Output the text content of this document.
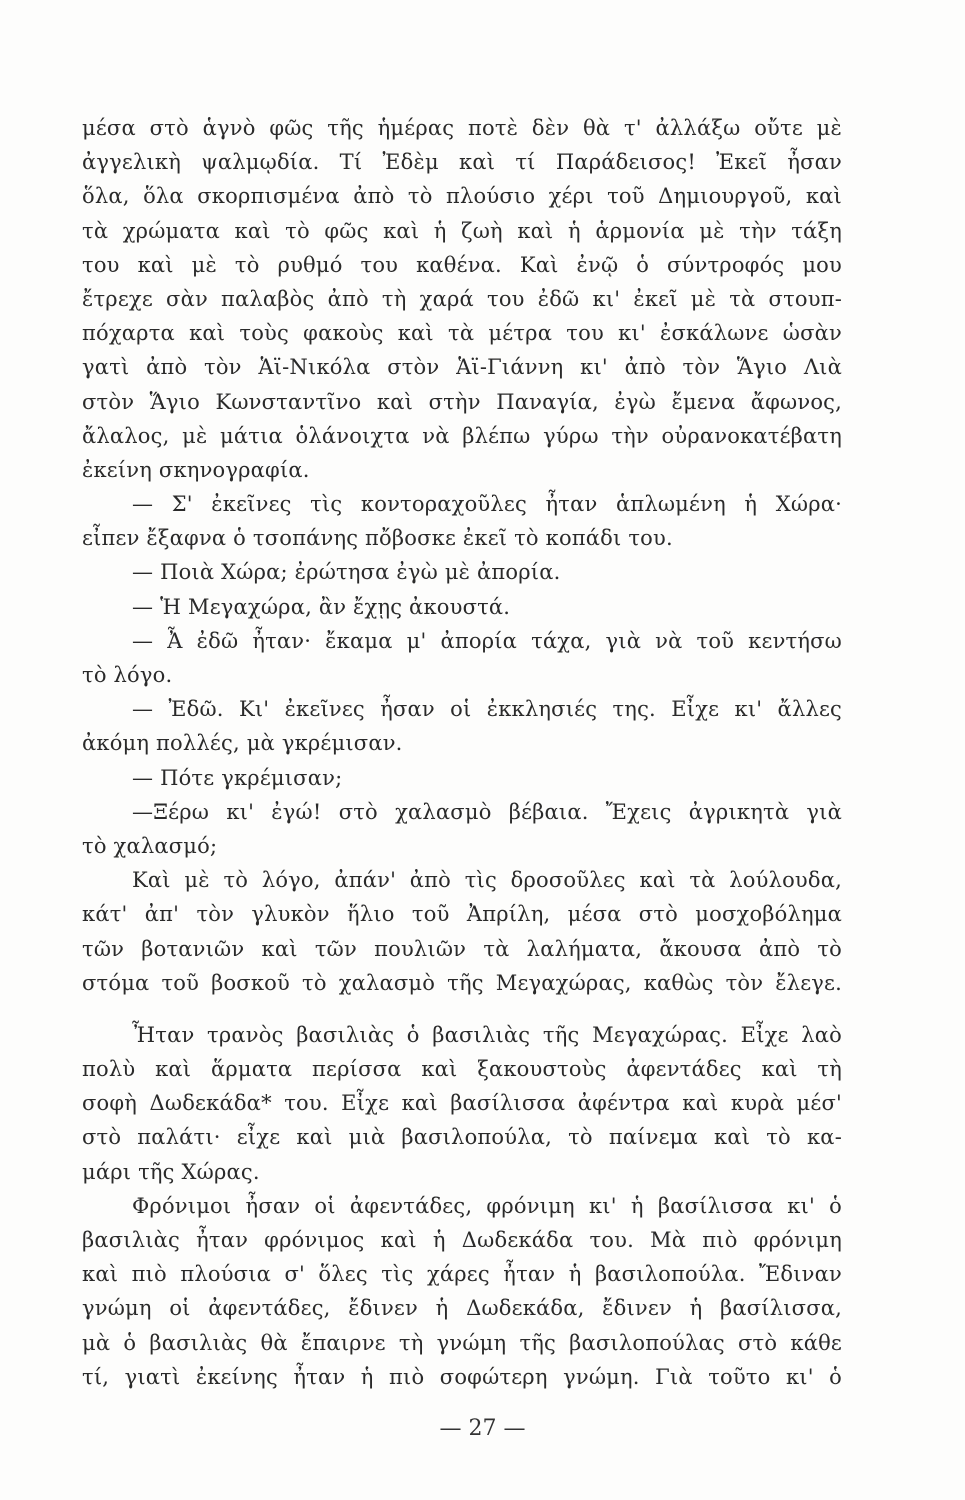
μέσα στὸ ἁγνὸ φῶς τῆς ἡμέρας ποτὲ δὲν θὰ τ' ἀλλάξω οὔτε μὲ
ἀγγελικὴ ψαλμῳδία. Τί Ἐδὲμ καὶ τί Παράδεισος! Ἐκεῖ ἦσαν
ὅλα, ὅλα σκορπισμένα ἀπὸ τὸ πλούσιο χέρι τοῦ Δημιουργοῦ, καὶ
τὰ χρώματα καὶ τὸ φῶς καὶ ἡ ζωὴ καὶ ἡ ἁρμονία μὲ τὴν τάξη
του καὶ μὲ τὸ ρυθμό του καθένα. Καὶ ἐνῷ ὁ σύντροφός μου
ἔτρεχε σὰν παλαβὸς ἀπὸ τὴ χαρά του ἐδῶ κι' ἐκεῖ μὲ τὰ στουπ-
πόχαρτα καὶ τοὺς φακοὺς καὶ τὰ μέτρα του κι' ἐσκάλωνε ὡσὰν
γατὶ ἀπὸ τὸν Ἁϊ-Νικόλα στὸν Ἁϊ-Γιάννη κι' ἀπὸ τὸν Ἅγιο Λιὰ
στὸν Ἅγιο Κωνσταντῖνο καὶ στὴν Παναγία, ἐγὼ ἔμενα ἄφωνος,
ἄλαλος, μὲ μάτια ὁλάνοιχτα νὰ βλέπω γύρω τὴν οὐρανοκατέβατη
ἐκείνη σκηνογραφία.
— Σ' ἐκεῖνες τὶς κοντοραχοῦλες ἦταν ἁπλωμένη ἡ Χώρα·
εἶπεν ἔξαφνα ὁ τσοπάνης πὄβοσκε ἐκεῖ τὸ κοπάδι του.
— Ποιὰ Χώρα; ἐρώτησα ἐγὼ μὲ ἀπορία.
— Ἡ Μεγαχώρα, ἂν ἔχῃς ἀκουστά.
— Ἆ ἐδῶ ἦταν· ἔκαμα μ' ἀπορία τάχα, γιὰ νὰ τοῦ κεντήσω
τὸ λόγο.
— Ἐδῶ. Κι' ἐκεῖνες ἦσαν οἱ ἐκκλησιές της. Εἶχε κι' ἄλλες
ἀκόμη πολλές, μὰ γκρέμισαν.
— Πότε γκρέμισαν;
—Ξέρω κι' ἐγώ! στὸ χαλασμὸ βέβαια. Ἔχεις ἀγρικητὰ γιὰ
τὸ χαλασμό;
Καὶ μὲ τὸ λόγο, ἀπάν' ἀπὸ τὶς δροσοῦλες καὶ τὰ λούλουδα,
κάτ' ἀπ' τὸν γλυκὸν ἥλιο τοῦ Ἀπρίλη, μέσα στὸ μοσχοβόλημα
τῶν βοτανιῶν καὶ τῶν πουλιῶν τὰ λαλήματα, ἄκουσα ἀπὸ τὸ
στόμα τοῦ βοσκοῦ τὸ χαλασμὸ τῆς Μεγαχώρας, καθὼς τὸν ἔλεγε.
Ἦταν τρανὸς βασιλιὰς ὁ βασιλιὰς τῆς Μεγαχώρας. Εἶχε λαὸ
πολὺ καὶ ἅρματα περίσσα καὶ ξακουστοὺς ἀφεντάδες καὶ τὴ
σοφὴ Δωδεκάδα* του. Εἶχε καὶ βασίλισσα ἀφέντρα καὶ κυρὰ μέσ'
στὸ παλάτι· εἶχε καὶ μιὰ βασιλοπούλα, τὸ παίνεμα καὶ τὸ κα-
μάρι τῆς Χώρας.
Φρόνιμοι ἦσαν οἱ ἀφεντάδες, φρόνιμη κι' ἡ βασίλισσα κι' ὁ
βασιλιὰς ἦταν φρόνιμος καὶ ἡ Δωδεκάδα του. Μὰ πιὸ φρόνιμη
καὶ πιὸ πλούσια σ' ὅλες τὶς χάρες ἦταν ἡ βασιλοπούλα. Ἔδιναν
γνώμη οἱ ἀφεντάδες, ἔδινεν ἡ Δωδεκάδα, ἔδινεν ἡ βασίλισσα,
μὰ ὁ βασιλιὰς θὰ ἔπαιρνε τὴ γνώμη τῆς βασιλοπούλας στὸ κάθε
τί, γιατὶ ἐκείνης ἦταν ἡ πιὸ σοφώτερη γνώμη. Γιὰ τοῦτο κι' ὁ
— 27 —
